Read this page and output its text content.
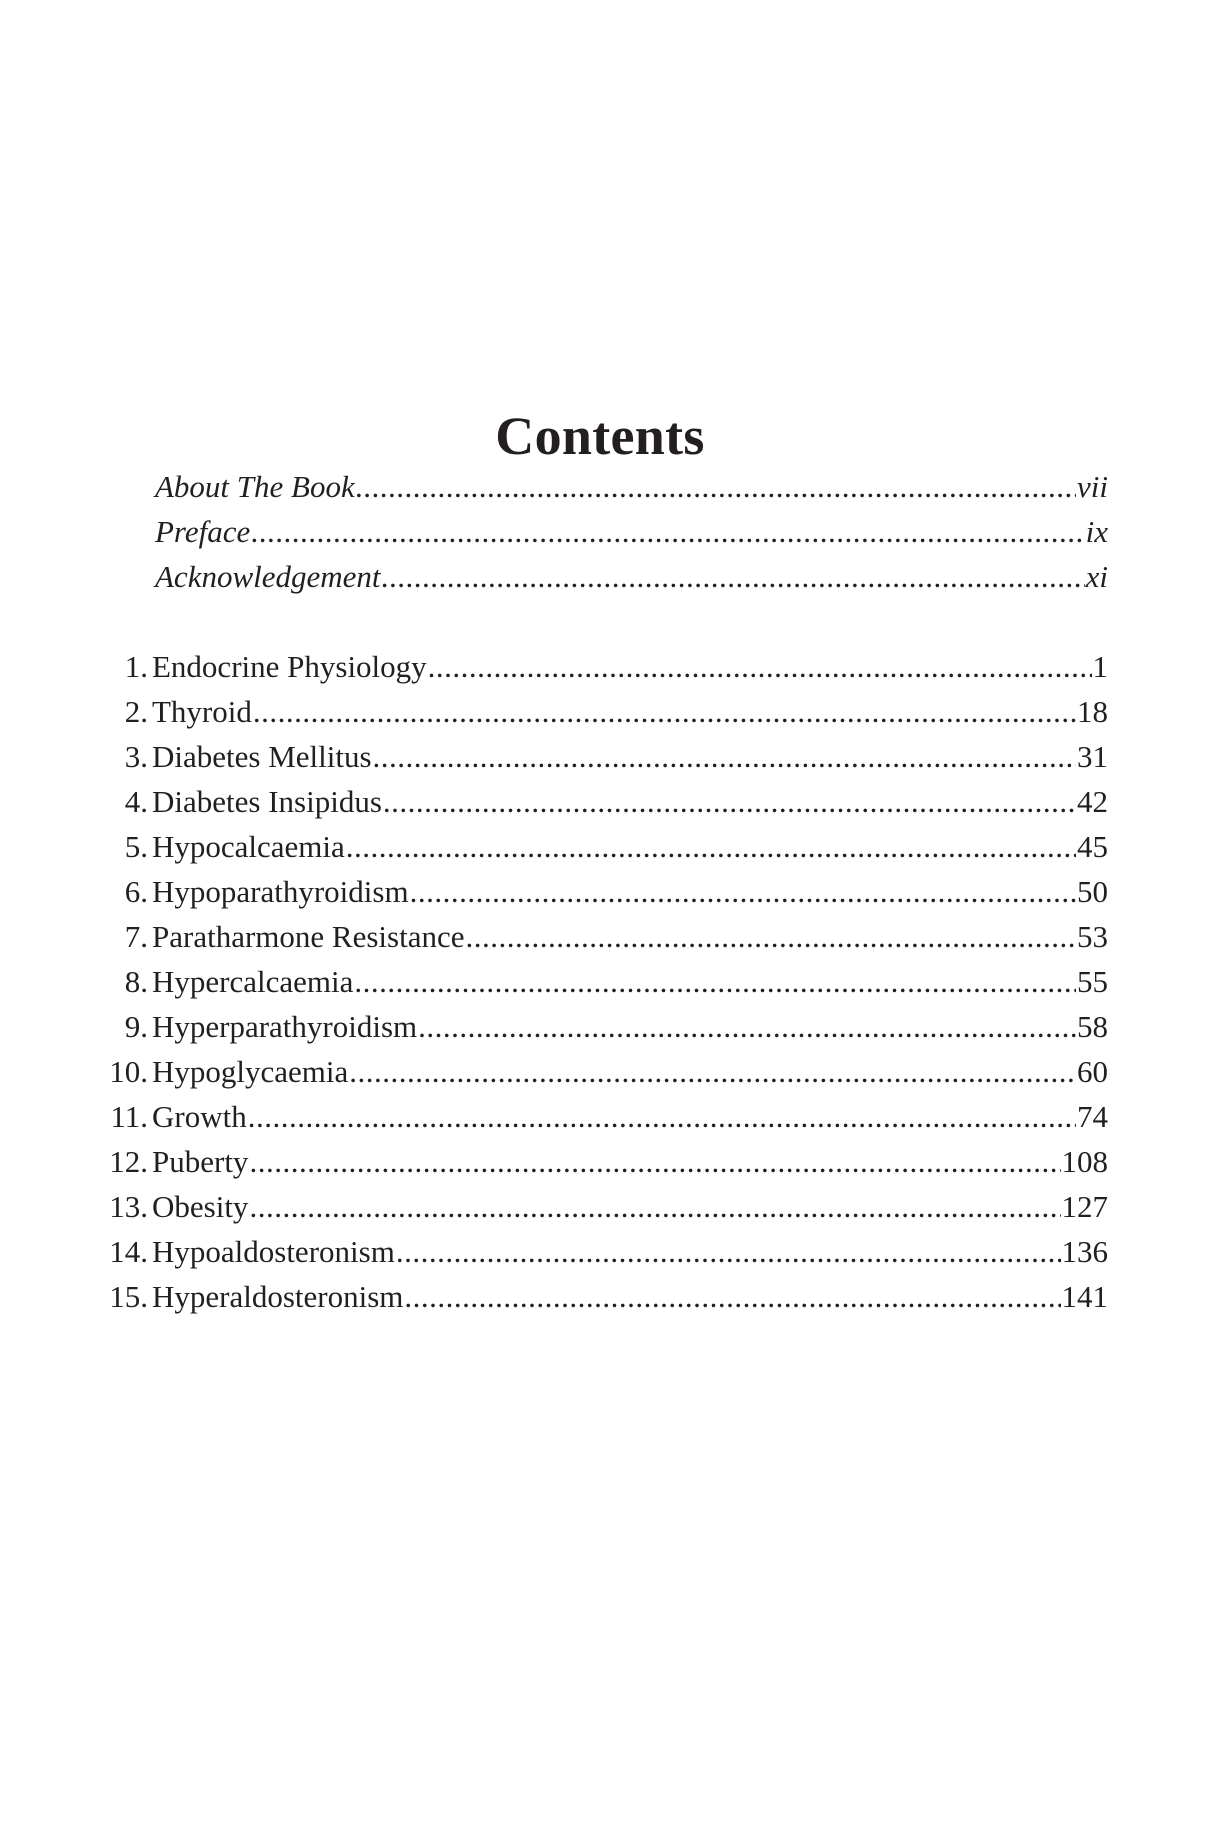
Contents
About The Book .....	vii
Preface .....	ix
Acknowledgement .....	xi
1. Endocrine Physiology .....	1
2. Thyroid .....	18
3. Diabetes Mellitus .....	31
4. Diabetes Insipidus .....	42
5. Hypocalcaemia .....	45
6. Hypoparathyroidism .....	50
7. Paratharmone Resistance .....	53
8. Hypercalcaemia .....	55
9. Hyperparathyroidism .....	58
10. Hypoglycaemia .....	60
11. Growth .....	74
12. Puberty .....	108
13. Obesity .....	127
14. Hypoaldosteronism .....	136
15. Hyperaldosteronism .....	141
